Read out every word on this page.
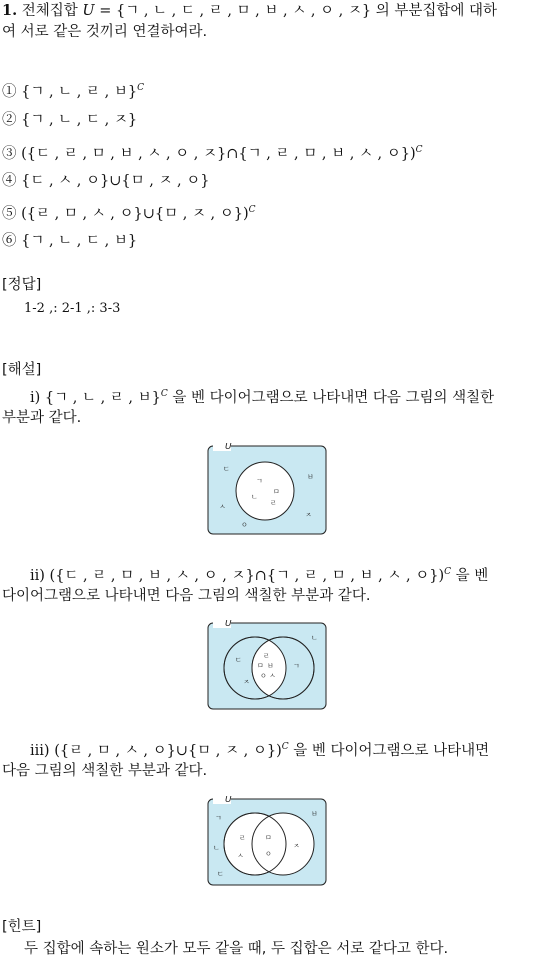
1. 전체집합 U = {ㄱ , ㄴ , ㄷ , ㄹ , ㅁ , ㅂ , ㅅ , ㅇ , ㅈ} 의 부분집합에 대하
여 서로 같은 것끼리 연결하여라.
① {ㄱ , ㄴ , ㄹ , ㅂ}$^C$
② {ㄱ , ㄴ , ㄷ , ㅈ}
③ ({ㄷ , ㄹ , ㅁ , ㅂ , ㅅ , ㅇ , ㅈ}∩{ㄱ , ㄹ , ㅁ , ㅂ , ㅅ , ㅇ})$^C$
④ {ㄷ , ㅅ , ㅇ}∪{ㅁ , ㅈ , ㅇ}
⑤ ({ㄹ , ㅁ , ㅅ , ㅇ}∪{ㅁ , ㅈ , ㅇ})$^C$
⑥ {ㄱ , ㄴ , ㄷ , ㅂ}
[정답]
1-2 ,: 2-1 ,: 3-3
[해설]
ⅰ) {ㄱ , ㄴ , ㄹ , ㅂ}$^C$ 을 벤 다이어그램으로 나타내면 다음 그림의 색칠한
부분과 같다.
U
ㄱ
ㄴ
ㅁ
ㄹ
ㄷ
ㅂ
ㅅ
ㅇ
ㅈ
ⅱ) ({ㄷ , ㄹ , ㅁ , ㅂ , ㅅ , ㅇ , ㅈ}∩{ㄱ , ㄹ , ㅁ , ㅂ , ㅅ , ㅇ})$^C$ 을 벤
다이어그램으로 나타내면 다음 그림의 색칠한 부분과 같다.
U
ㄷ
ㅈ
ㄹ
ㅁ ㅂ
ㅇ ㅅ
ㄱ
ㄴ
ⅲ) ({ㄹ , ㅁ , ㅅ , ㅇ}∪{ㅁ , ㅈ , ㅇ})$^C$ 을 벤 다이어그램으로 나타내면
다음 그림의 색칠한 부분과 같다.
U
ㄹ
ㅅ
ㅁ
ㅇ
ㅈ
ㄱ
ㄴ
ㄷ
ㅂ
[힌트]
두 집합에 속하는 원소가 모두 같을 때, 두 집합은 서로 같다고 한다.
